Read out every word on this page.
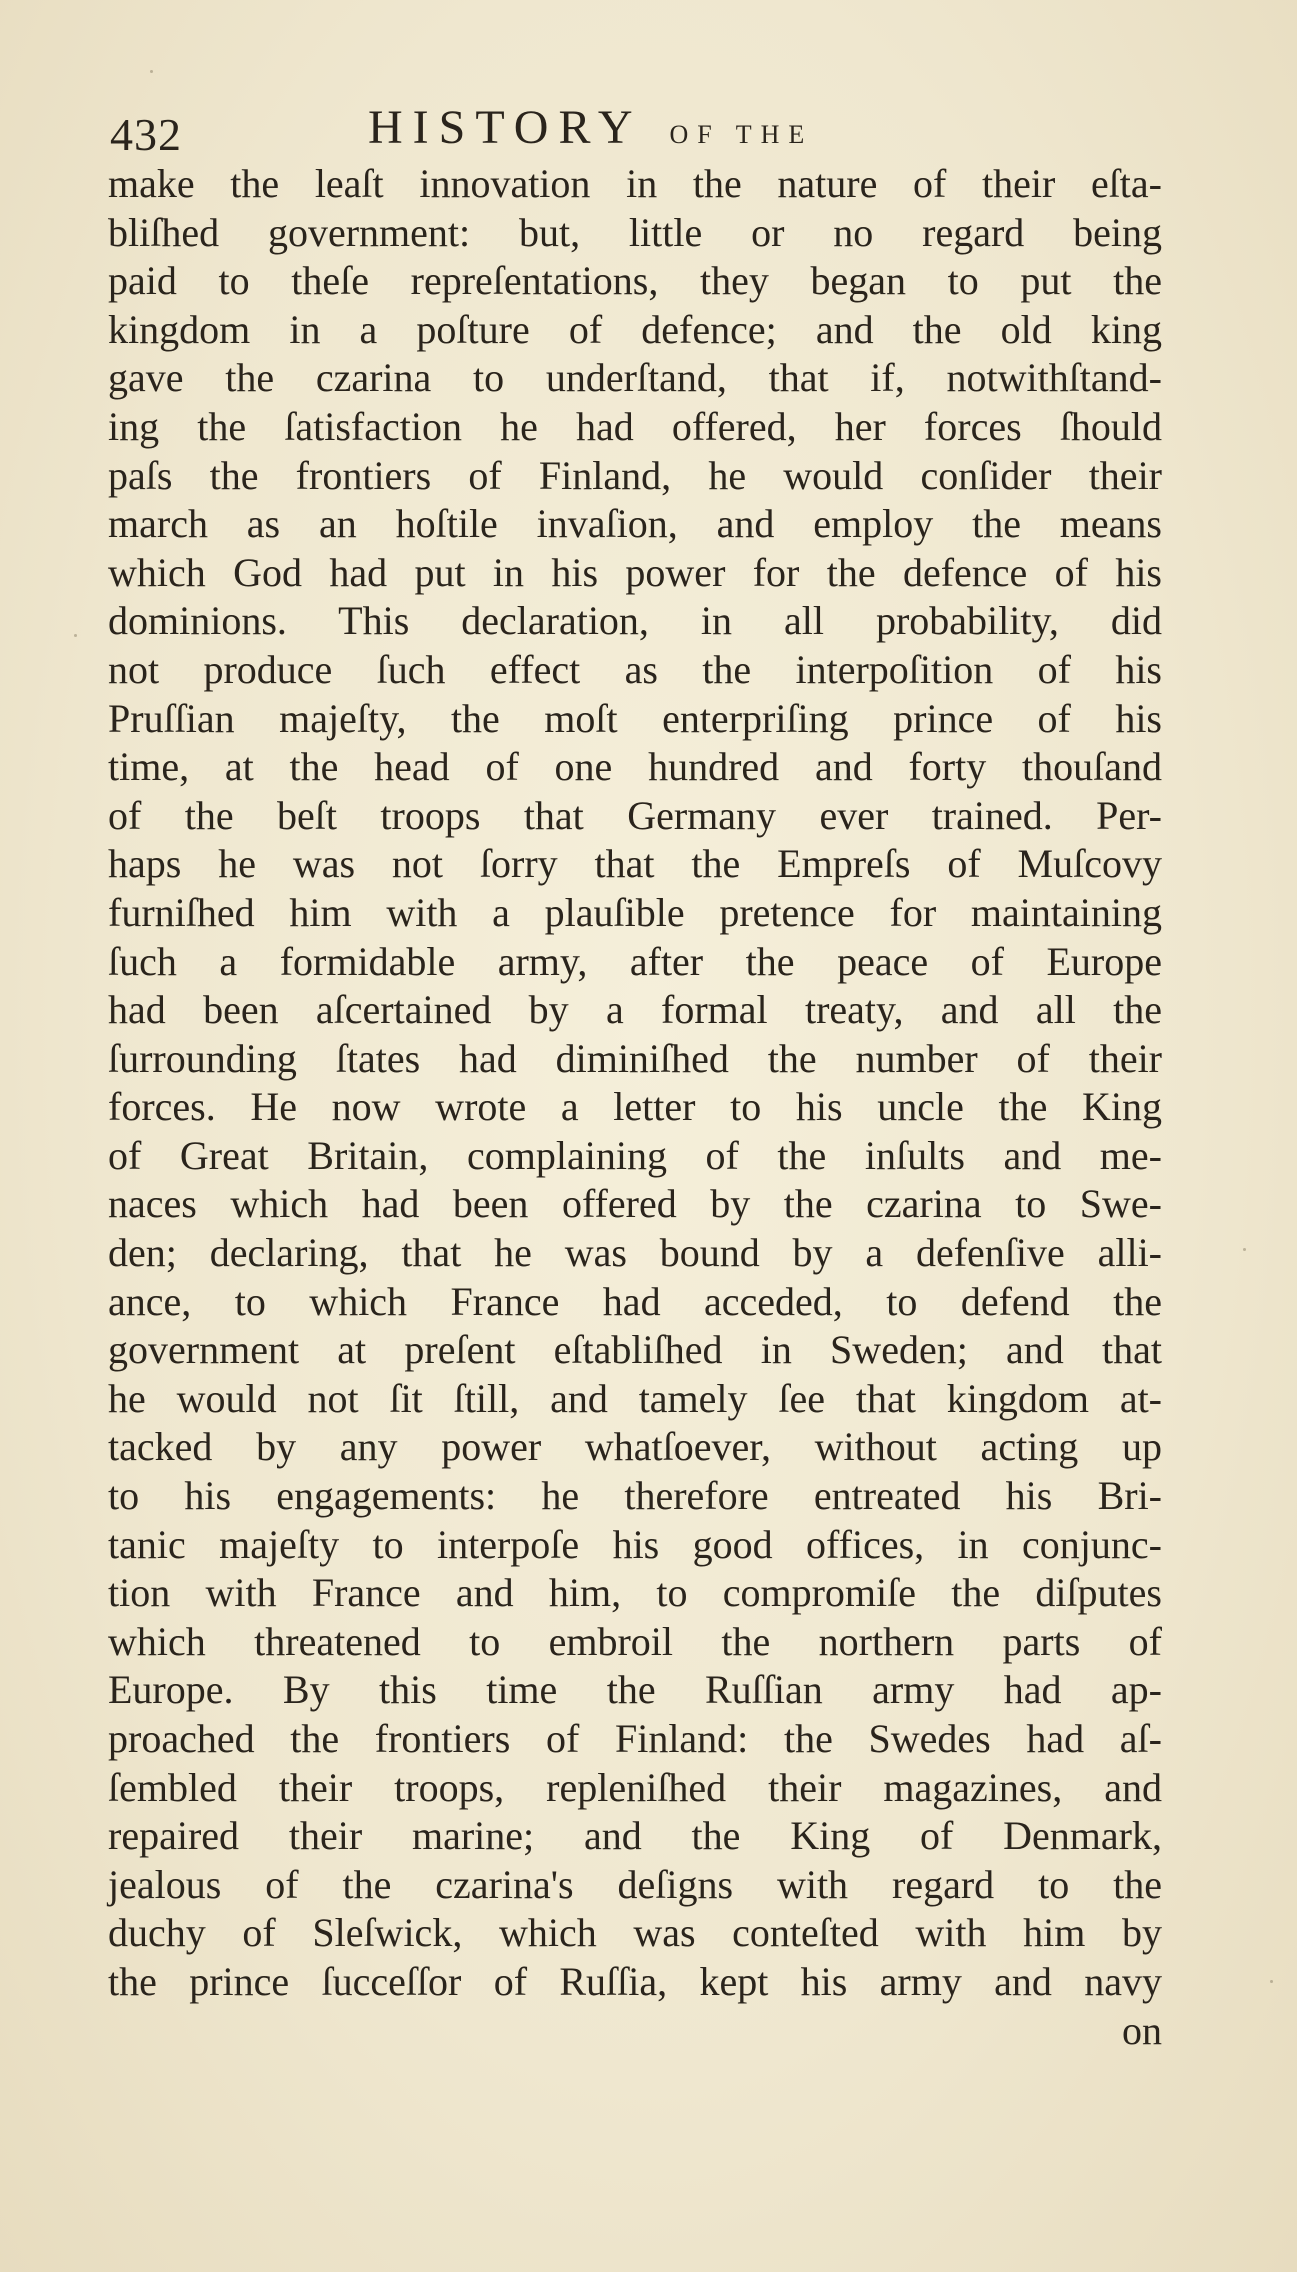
432	HISTORY OF THE
make the leaſt innovation in the nature of their eſta-
bliſhed government: but, little or no regard being
paid to theſe repreſentations, they began to put the
kingdom in a poſture of defence; and the old king
gave the czarina to underſtand, that if, notwithſtand-
ing the ſatisfaction he had offered, her forces ſhould
paſs the frontiers of Finland, he would conſider their
march as an hoſtile invaſion, and employ the means
which God had put in his power for the defence of his
dominions. This declaration, in all probability, did
not produce ſuch effect as the interpoſition of his
Pruſſian majeſty, the moſt enterpriſing prince of his
time, at the head of one hundred and forty thouſand
of the beſt troops that Germany ever trained. Per-
haps he was not ſorry that the Empreſs of Muſcovy
furniſhed him with a plauſible pretence for maintaining
ſuch a formidable army, after the peace of Europe
had been aſcertained by a formal treaty, and all the
ſurrounding ſtates had diminiſhed the number of their
forces. He now wrote a letter to his uncle the King
of Great Britain, complaining of the inſults and me-
naces which had been offered by the czarina to Swe-
den; declaring, that he was bound by a defenſive alli-
ance, to which France had acceded, to defend the
government at preſent eſtabliſhed in Sweden; and that
he would not ſit ſtill, and tamely ſee that kingdom at-
tacked by any power whatſoever, without acting up
to his engagements: he therefore entreated his Bri-
tanic majeſty to interpoſe his good offices, in conjunc-
tion with France and him, to compromiſe the diſputes
which threatened to embroil the northern parts of
Europe. By this time the Ruſſian army had ap-
proached the frontiers of Finland: the Swedes had aſ-
ſembled their troops, repleniſhed their magazines, and
repaired their marine; and the King of Denmark,
jealous of the czarina's deſigns with regard to the
duchy of Sleſwick, which was conteſted with him by
the prince ſucceſſor of Ruſſia, kept his army and navy
on
